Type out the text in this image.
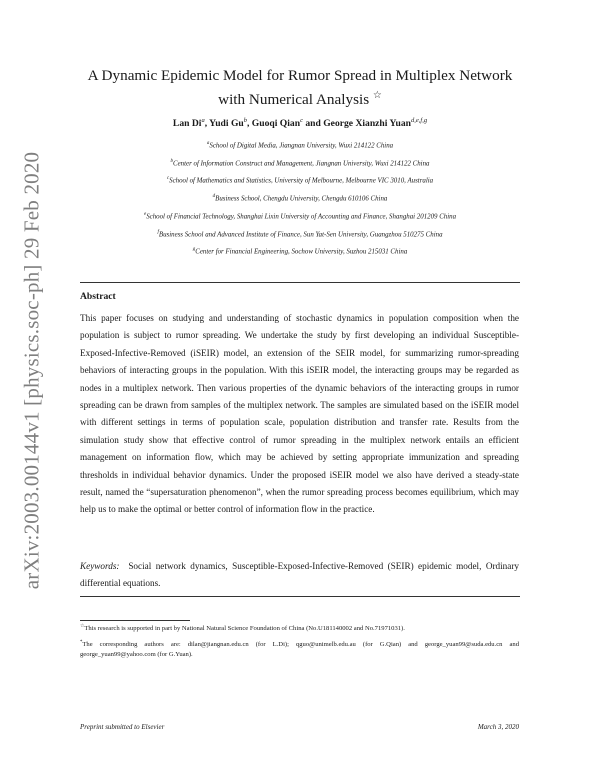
arXiv:2003.00144v1 [physics.soc-ph] 29 Feb 2020
A Dynamic Epidemic Model for Rumor Spread in Multiplex Network
with Numerical Analysis ☆
Lan Di$^a$, Yudi Gu$^b$, Guoqi Qian$^c$ and George Xianzhi Yuan$^{d,e,f,g}$
$^a$School of Digital Media, Jiangnan University, Wuxi 214122 China
$^b$Center of Information Construct and Management, Jiangnan University, Wuxi 214122 China
$^c$School of Mathematics and Statistics, University of Melbourne, Melbourne VIC 3010, Australia
$^d$Business School, Chengdu University, Chengdu 610106 China
$^e$School of Financial Technology, Shanghai Lixin University of Accounting and Finance, Shanghai 201209 China
$^f$Business School and Advanced Institute of Finance, Sun Yat-Sen University, Guangzhou 510275 China
$^g$Center for Financial Engineering, Sochow University, Suzhou 215031 China
Abstract
This paper focuses on studying and understanding of stochastic dynamics in population composition when the population is subject to rumor spreading. We undertake the study by first developing an individual Susceptible-Exposed-Infective-Removed (iSEIR) model, an extension of the SEIR model, for summarizing rumor-spreading behaviors of interacting groups in the population. With this iSEIR model, the interacting groups may be regarded as nodes in a multiplex network. Then various properties of the dynamic behaviors of the interacting groups in rumor spreading can be drawn from samples of the multiplex network. The samples are simulated based on the iSEIR model with different settings in terms of population scale, population distribution and transfer rate. Results from the simulation study show that effective control of rumor spreading in the multiplex network entails an efficient management on information flow, which may be achieved by setting appropriate immunization and spreading thresholds in individual behavior dynamics. Under the proposed iSEIR model we also have derived a steady-state result, named the “supersaturation phenomenon”, when the rumor spreading process becomes equilibrium, which may help us to make the optimal or better control of information flow in the practice.
Keywords: Social network dynamics, Susceptible-Exposed-Infective-Removed (SEIR) epidemic model, Ordinary differential equations.

☆This research is supported in part by National Natural Science Foundation of China (No.U181140002 and No.71971031).

*The corresponding authors are: dilan@jiangnan.edu.cn (for L.Di); qguo@unimelb.edu.au (for G.Qian) and george_yuan99@suda.edu.cn and george_yuan99@yahoo.com (for G.Yuan).

Preprint submitted to Elsevier	March 3, 2020
